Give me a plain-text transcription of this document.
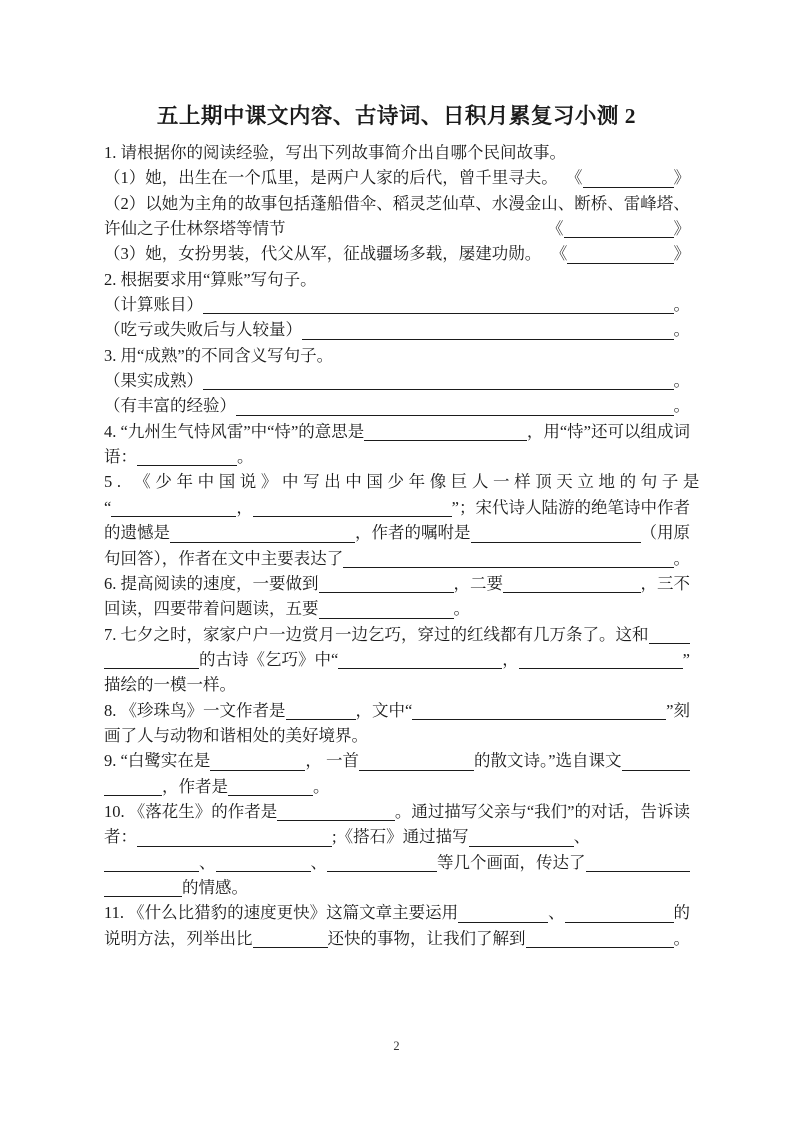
五上期中课文内容、古诗词、日积月累复习小测 2
1. 请根据你的阅读经验，写出下列故事简介出自哪个民间故事。
（1）她，出生在一个瓜里，是两户人家的后代，曾千里寻夫。 《	》
（2）以她为主角的故事包括蓬船借伞、稻灵芝仙草、水漫金山、断桥、雷峰塔、
许仙之子仕林祭塔等情节	《	》
（3）她，女扮男装，代父从军，征战疆场多载，屡建功勋。 《	》
2. 根据要求用“算账”写句子。
（计算账目）	。
（吃亏或失败后与人较量）	。
3. 用“成熟”的不同含义写句子。
（果实成熟）	。
（有丰富的经验）	。
4. “九州生气恃风雷”中“恃”的意思是	，用“恃”还可以组成词
语：	。
5. 《少年中国说》中写出中国少年像巨人一样顶天立地的句子是
“	，	”；宋代诗人陆游的绝笔诗中作者
的遗憾是	，作者的嘱咐是	（用原
句回答），作者在文中主要表达了	。
6. 提高阅读的速度，一要做到	，二要	，三不
回读，四要带着问题读，五要	。
7. 七夕之时，家家户户一边赏月一边乞巧，穿过的红线都有几万条了。这和
的古诗《乞巧》中“	，	”
描绘的一模一样。
8. 《珍珠鸟》一文作者是	，文中“	”刻
画了人与动物和谐相处的美好境界。
9. “白鹭实在是	， 一首	的散文诗。”选自课文
，作者是	。
10. 《落花生》的作者是	。通过描写父亲与“我们”的对话，告诉读
者：	;《搭石》通过描写	、
、	、	等几个画面，传达了
的情感。
11. 《什么比猎豹的速度更快》这篇文章主要运用	、	的
说明方法，列举出比	还快的事物，让我们了解到	。
2
